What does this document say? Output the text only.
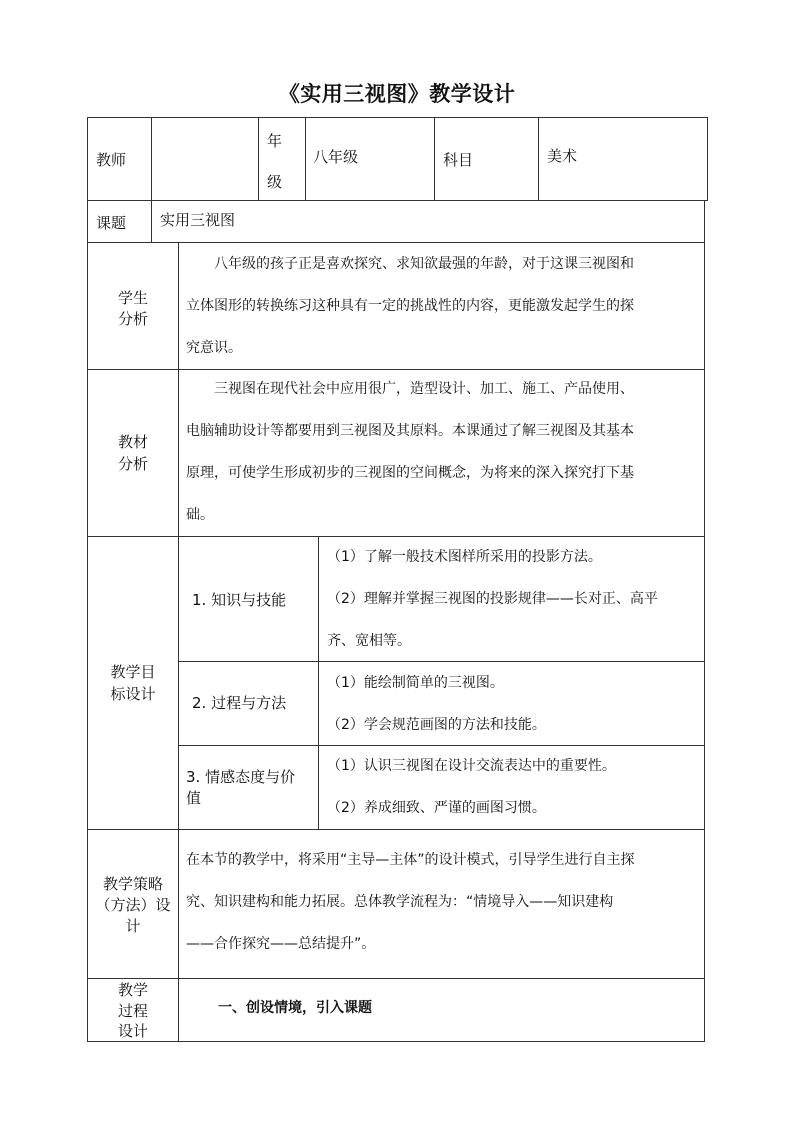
《实用三视图》教学设计
教师
年
级
八年级	科目	美术
课题 实用三视图
学生
分析
八年级的孩子正是喜欢探究、求知欲最强的年龄，对于这课三视图和
立体图形的转换练习这种具有一定的挑战性的内容，更能激发起学生的探
究意识。
教材
分析
三视图在现代社会中应用很广，造型设计、加工、施工、产品使用、
电脑辅助设计等都要用到三视图及其原料。本课通过了解三视图及其基本
原理，可使学生形成初步的三视图的空间概念，为将来的深入探究打下基
础。
教学目
标设计
1. 知识与技能
（1）了解一般技术图样所采用的投影方法。
（2）理解并掌握三视图的投影规律——长对正、高平
齐、宽相等。
2. 过程与方法
（1）能绘制简单的三视图。
（2）学会规范画图的方法和技能。
3. 情感态度与价
值
（1）认识三视图在设计交流表达中的重要性。
（2）养成细致、严谨的画图习惯。
教学策略
（方法）设
计
在本节的教学中，将采用“主导—主体”的设计模式，引导学生进行自主探
究、知识建构和能力拓展。总体教学流程为：“情境导入——知识建构
——合作探究——总结提升”。
教学
过程
设计
一、创设情境，引入课题
